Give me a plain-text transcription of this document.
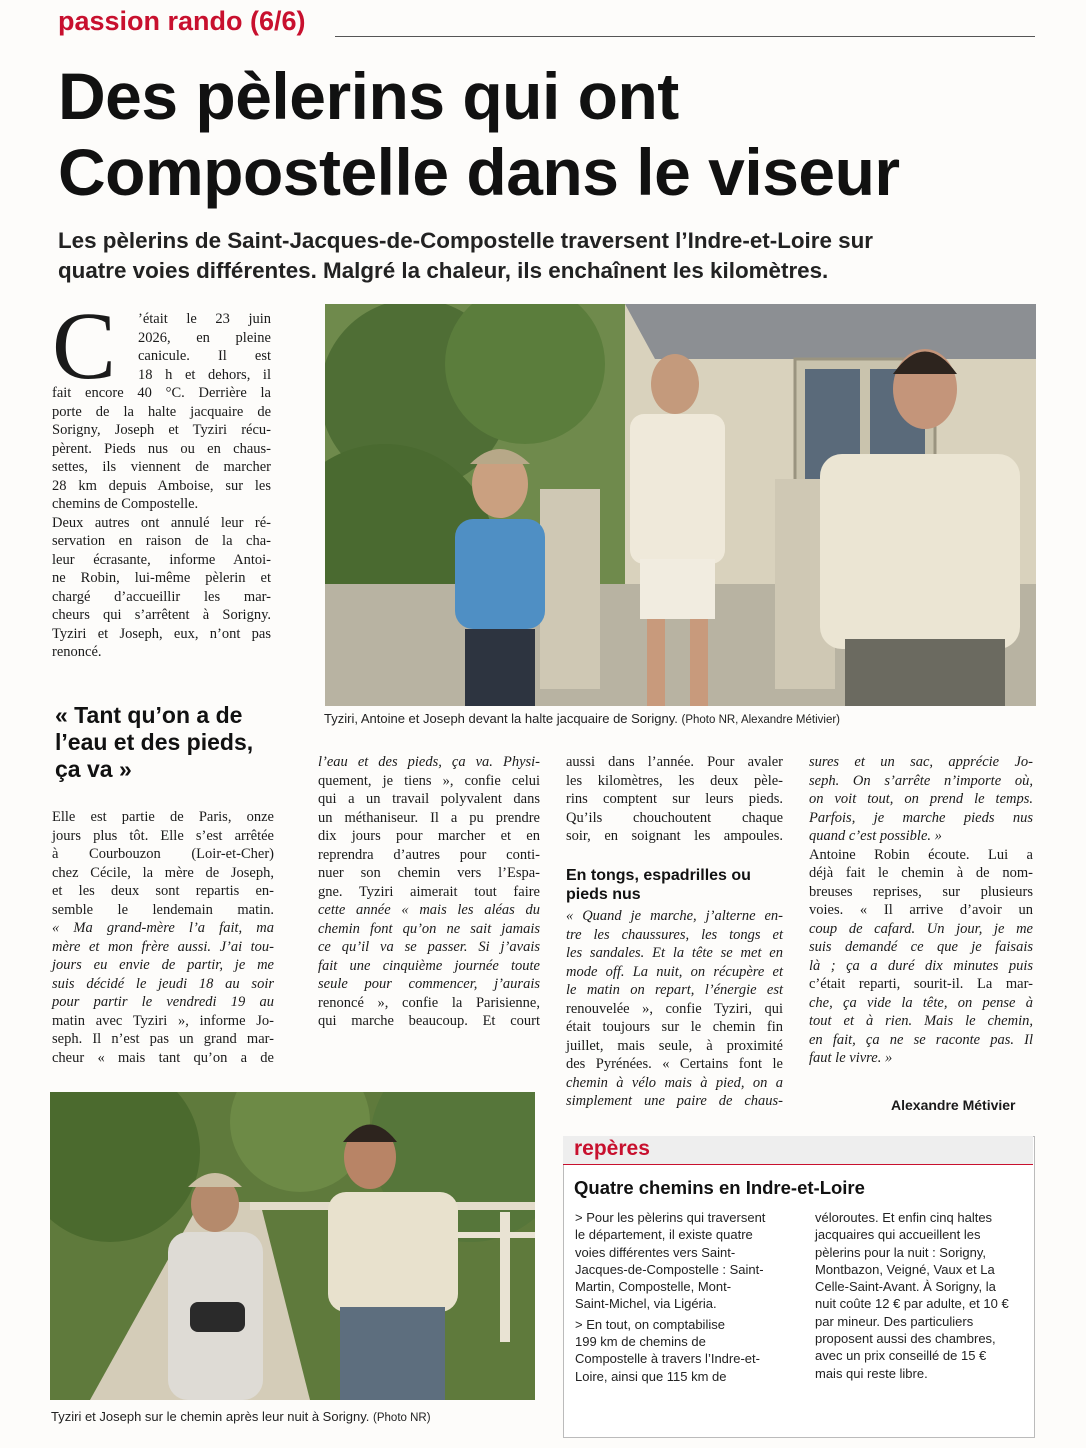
passion rando (6/6)
Des pèlerins qui ont
Compostelle dans le viseur
Les pèlerins de Saint-Jacques-de-Compostelle traversent l’Indre-et-Loire sur
quatre voies différentes. Malgré la chaleur, ils enchaînent les kilomètres.
C ’était le 23 juin
2026, en pleine
canicule. Il est
18 h et dehors, il
fait encore 40 °C. Derrière la
porte de la halte jacquaire de
Sorigny, Joseph et Tyziri récu-
pèrent. Pieds nus ou en chaus-
settes, ils viennent de marcher
28 km depuis Amboise, sur les
chemins de Compostelle.
Deux autres ont annulé leur ré-
servation en raison de la cha-
leur écrasante, informe Antoi-
ne Robin, lui-même pèlerin et
chargé d’accueillir les mar-
cheurs qui s’arrêtent à Sorigny.
Tyziri et Joseph, eux, n’ont pas
renoncé.
Tyziri, Antoine et Joseph devant la halte jacquaire de Sorigny. (Photo NR, Alexandre Métivier)
« Tant qu’on a de
l’eau et des pieds,
ça va »
Elle est partie de Paris, onze
jours plus tôt. Elle s’est arrêtée
à Courbouzon (Loir-et-Cher)
chez Cécile, la mère de Joseph,
et les deux sont repartis en-
semble le lendemain matin.
« Ma grand-mère l’a fait, ma
mère et mon frère aussi. J’ai tou-
jours eu envie de partir, je me
suis décidé le jeudi 18 au soir
pour partir le vendredi 19 au
matin avec Tyziri », informe Jo-
seph. Il n’est pas un grand mar-
cheur « mais tant qu’on a de
l’eau et des pieds, ça va. Physi-
quement, je tiens », confie celui
qui a un travail polyvalent dans
un méthaniseur. Il a pu prendre
dix jours pour marcher et en
reprendra d’autres pour conti-
nuer son chemin vers l’Espa-
gne. Tyziri aimerait tout faire
cette année « mais les aléas du
chemin font qu’on ne sait jamais
ce qu’il va se passer. Si j’avais
fait une cinquième journée toute
seule pour commencer, j’aurais
renoncé », confie la Parisienne,
qui marche beaucoup. Et court
aussi dans l’année. Pour avaler
les kilomètres, les deux pèle-
rins comptent sur leurs pieds.
Qu’ils chouchoutent chaque
soir, en soignant les ampoules.
En tongs, espadrilles ou
pieds nus
« Quand je marche, j’alterne en-
tre les chaussures, les tongs et
les sandales. Et la tête se met en
mode off. La nuit, on récupère et
le matin on repart, l’énergie est
renouvelée », confie Tyziri, qui
était toujours sur le chemin fin
juillet, mais seule, à proximité
des Pyrénées. « Certains font le
chemin à vélo mais à pied, on a
simplement une paire de chaus-
sures et un sac, apprécie Jo-
seph. On s’arrête n’importe où,
on voit tout, on prend le temps.
Parfois, je marche pieds nus
quand c’est possible. »
Antoine Robin écoute. Lui a
déjà fait le chemin à de nom-
breuses reprises, sur plusieurs
voies. « Il arrive d’avoir un
coup de cafard. Un jour, je me
suis demandé ce que je faisais
là ; ça a duré dix minutes puis
c’était reparti, sourit-il. La mar-
che, ça vide la tête, on pense à
tout et à rien. Mais le chemin,
en fait, ça ne se raconte pas. Il
faut le vivre. »
Alexandre Métivier
Tyziri et Joseph sur le chemin après leur nuit à Sorigny. (Photo NR)
repères
Quatre chemins en Indre-et-Loire
> Pour les pèlerins qui traversent
le département, il existe quatre
voies différentes vers Saint-
Jacques-de-Compostelle : Saint-
Martin, Compostelle, Mont-
Saint-Michel, via Ligéria.
> En tout, on comptabilise
199 km de chemins de
Compostelle à travers l’Indre-et-
Loire, ainsi que 115 km de
véloroutes. Et enfin cinq haltes
jacquaires qui accueillent les
pèlerins pour la nuit : Sorigny,
Montbazon, Veigné, Vaux et La
Celle-Saint-Avant. À Sorigny, la
nuit coûte 12 € par adulte, et 10 €
par mineur. Des particuliers
proposent aussi des chambres,
avec un prix conseillé de 15 €
mais qui reste libre.
